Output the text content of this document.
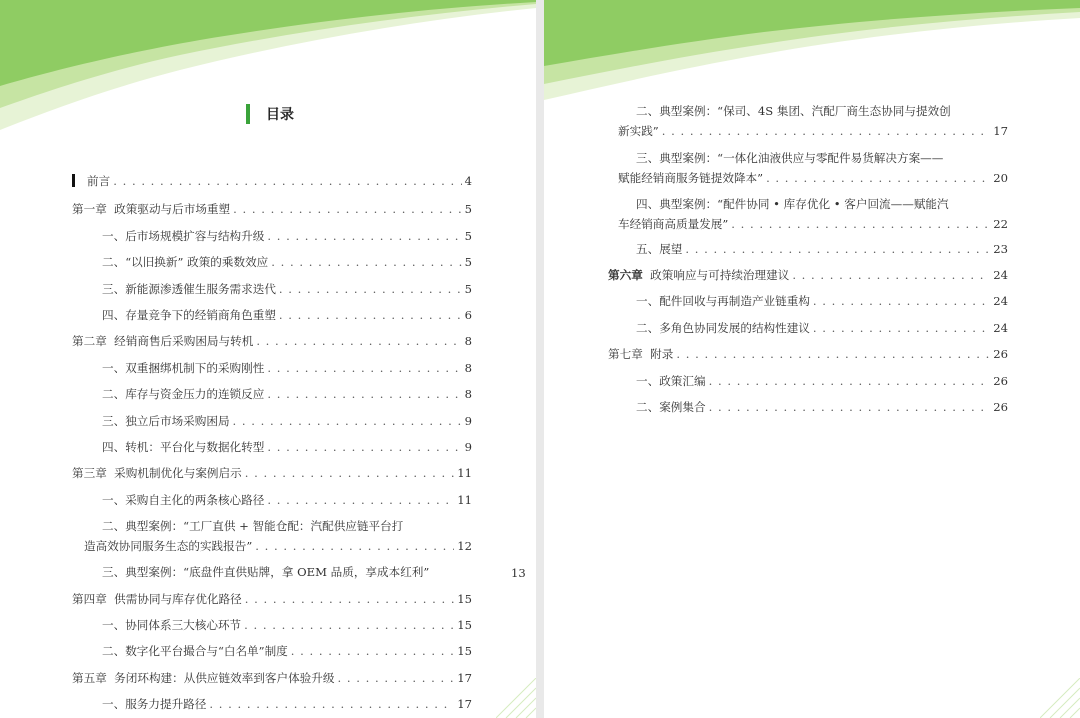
目录
前言 . . .	4
第一章 政策驱动与后市场重塑 . . .	5
一、后市场规模扩容与结构升级 . . .	5
二、“以旧换新” 政策的乘数效应 . . .	5
三、新能源渗透催生服务需求迭代 . . .	5
四、存量竞争下的经销商角色重塑 . . .	6
第二章 经销商售后采购困局与转机 . . .	8
一、双重捆绑机制下的采购刚性 . . .	8
二、库存与资金压力的连锁反应 . . .	8
三、独立后市场采购困局 . . .	9
四、转机：平台化与数据化转型 . . .	9
第三章 采购机制优化与案例启示 . . .	11
一、采购自主化的两条核心路径 . . .	11
二、典型案例：“工厂直供 + 智能仓配：汽配供应链平台打
造高效协同服务生态的实践报告” . . .	12
三、典型案例：“底盘件直供贴牌，拿 OEM 品质，享成本红利”	13
第四章 供需协同与库存优化路径 . . .	15
一、协同体系三大核心环节 . . .	15
二、数字化平台撮合与“白名单”制度 . . .	15
第五章 务闭环构建：从供应链效率到客户体验升级 . . .	17
一、服务力提升路径 . . .	17
二、典型案例：“保司、4S 集团、汽配厂商生态协同与提效创
新实践” . . .	17
三、典型案例：“一体化油液供应与零配件易货解决方案——
赋能经销商服务链提效降本” . . .	20
四、典型案例：“配件协同 • 库存优化 • 客户回流——赋能汽
车经销商高质量发展” . . .	22
五、展望 . . .	23
第六章 政策响应与可持续治理建议 . . .	24
一、配件回收与再制造产业链重构 . . .	24
二、多角色协同发展的结构性建议 . . .	24
第七章 附录 . . .	26
一、政策汇编 . . .	26
二、案例集合 . . .	26
